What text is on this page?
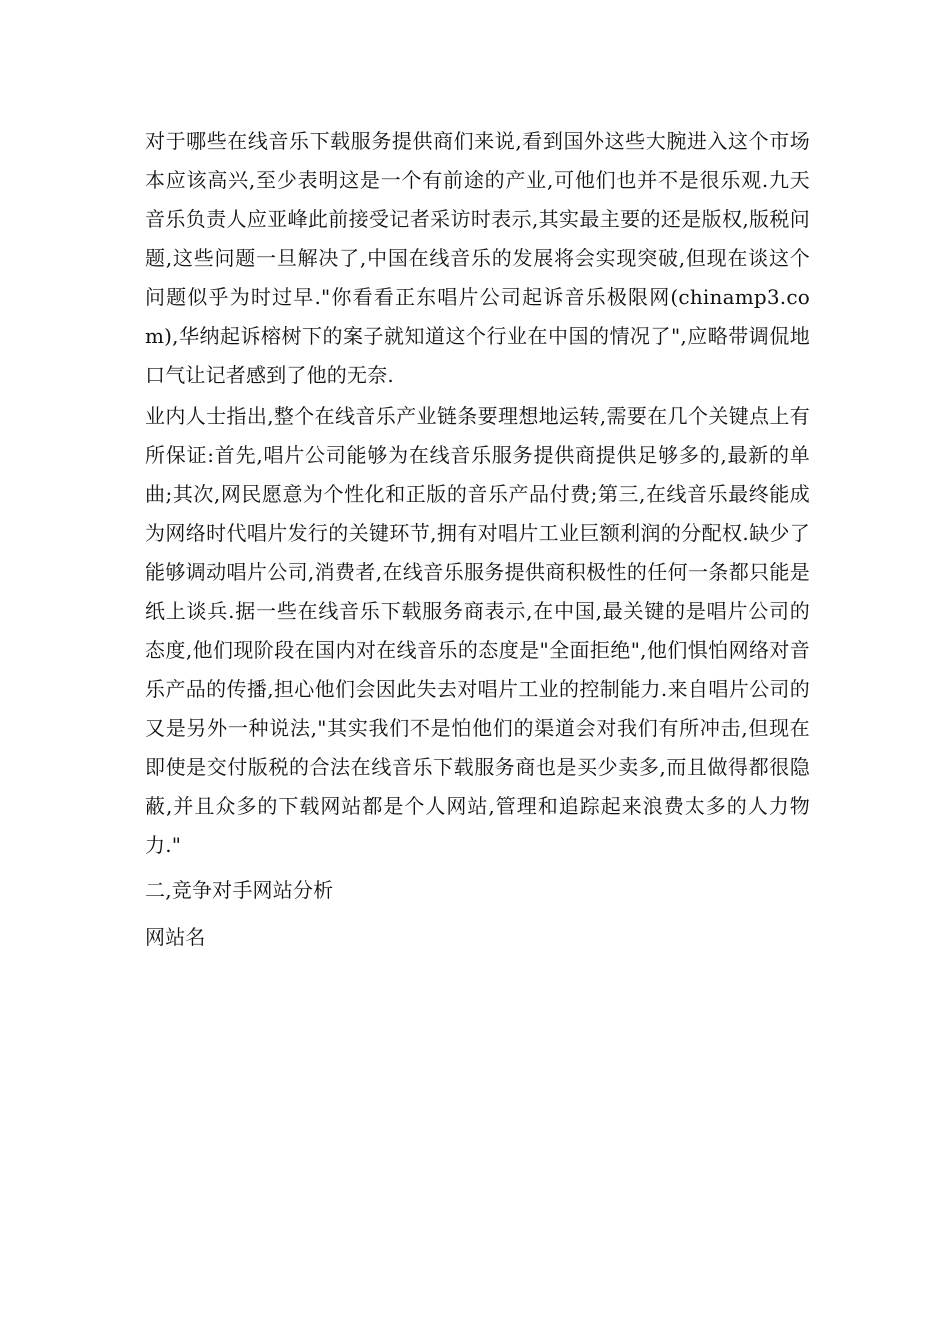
对于哪些在线音乐下载服务提供商们来说,看到国外这些大腕进入这个市场本应该高兴,至少表明这是一个有前途的产业,可他们也并不是很乐观.九天音乐负责人应亚峰此前接受记者采访时表示,其实最主要的还是版权,版税问题,这些问题一旦解决了,中国在线音乐的发展将会实现突破,但现在谈这个问题似乎为时过早."你看看正东唱片公司起诉音乐极限网(chinamp3.com),华纳起诉榕树下的案子就知道这个行业在中国的情况了",应略带调侃地口气让记者感到了他的无奈.

业内人士指出,整个在线音乐产业链条要理想地运转,需要在几个关键点上有所保证:首先,唱片公司能够为在线音乐服务提供商提供足够多的,最新的单曲;其次,网民愿意为个性化和正版的音乐产品付费;第三,在线音乐最终能成为网络时代唱片发行的关键环节,拥有对唱片工业巨额利润的分配权.缺少了能够调动唱片公司,消费者,在线音乐服务提供商积极性的任何一条都只能是纸上谈兵.据一些在线音乐下载服务商表示,在中国,最关键的是唱片公司的态度,他们现阶段在国内对在线音乐的态度是"全面拒绝",他们惧怕网络对音乐产品的传播,担心他们会因此失去对唱片工业的控制能力.来自唱片公司的又是另外一种说法,"其实我们不是怕他们的渠道会对我们有所冲击,但现在即使是交付版税的合法在线音乐下载服务商也是买少卖多,而且做得都很隐蔽,并且众多的下载网站都是个人网站,管理和追踪起来浪费太多的人力物力."

二,竞争对手网站分析

网站名
